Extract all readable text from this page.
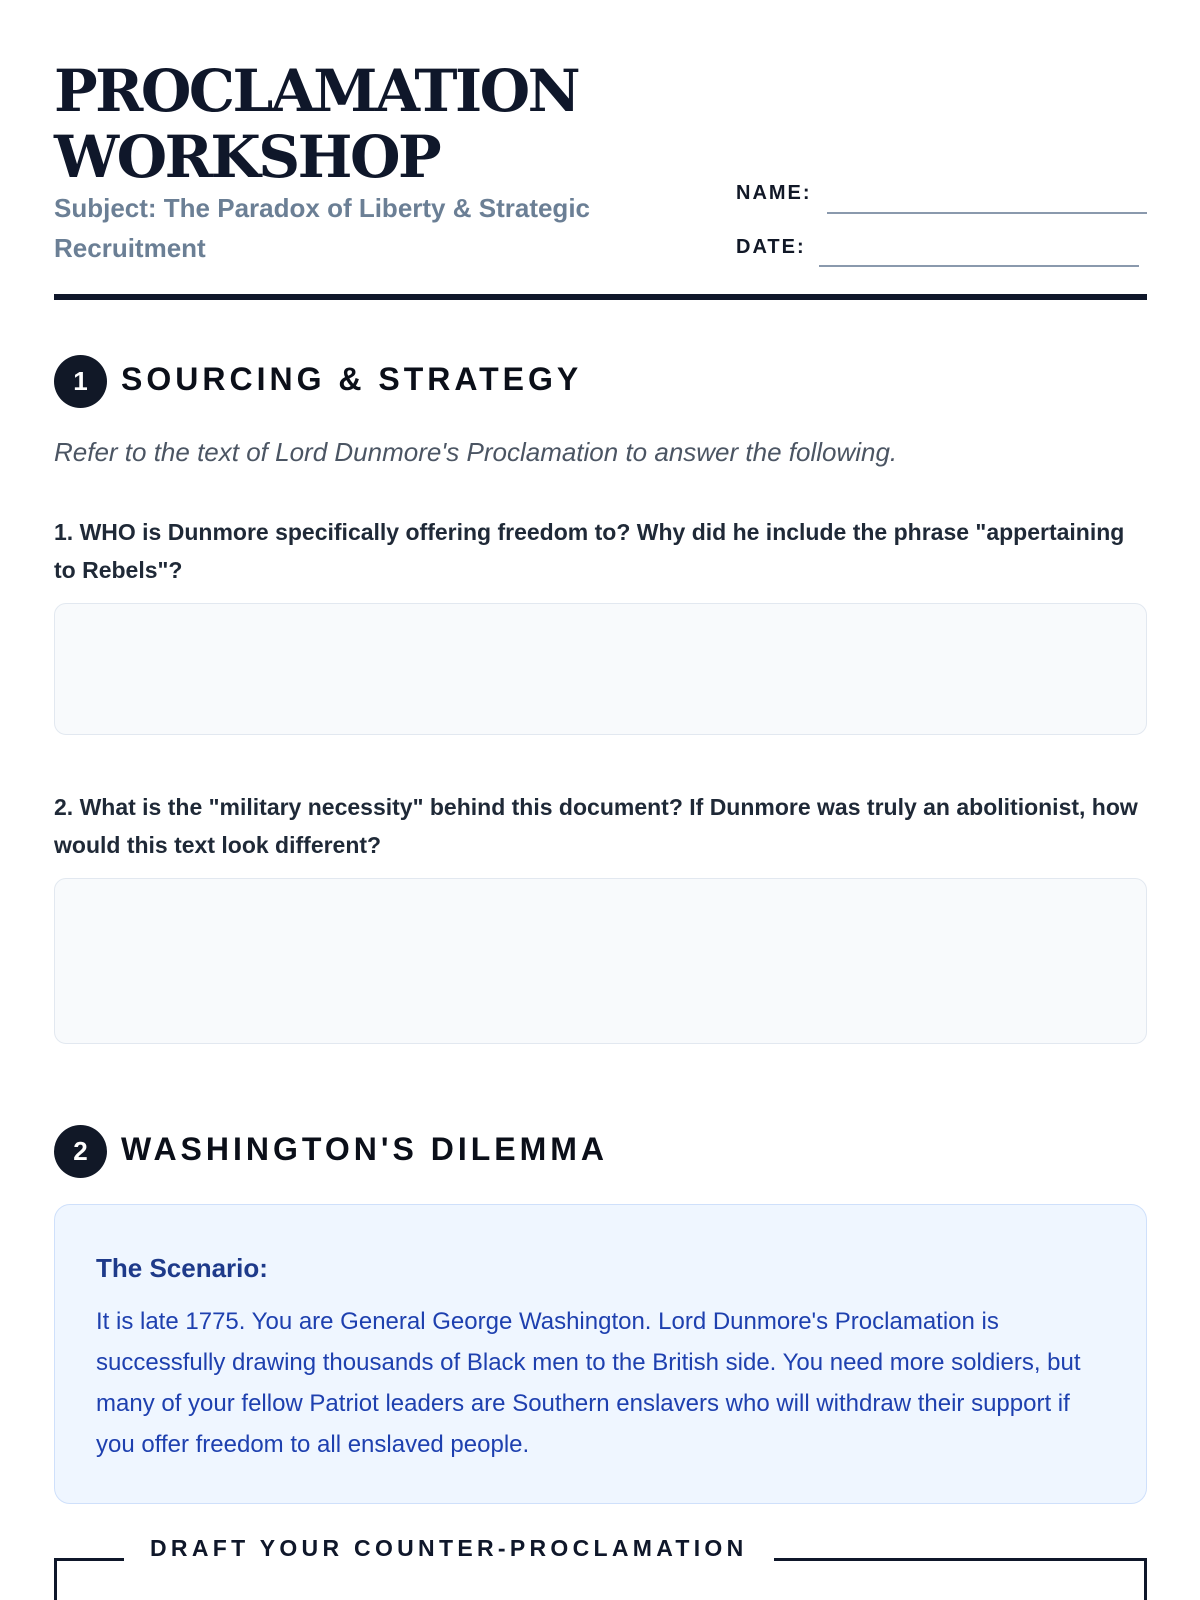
PROCLAMATION
WORKSHOP
Subject: The Paradox of Liberty & Strategic Recruitment
NAME:
DATE:
1	SOURCING & STRATEGY
Refer to the text of Lord Dunmore's Proclamation to answer the following.
1. WHO is Dunmore specifically offering freedom to? Why did he include the phrase "appertaining to Rebels"?
2. What is the "military necessity" behind this document? If Dunmore was truly an abolitionist, how would this text look different?
2	WASHINGTON'S DILEMMA
The Scenario:
It is late 1775. You are General George Washington. Lord Dunmore's Proclamation is successfully drawing thousands of Black men to the British side. You need more soldiers, but many of your fellow Patriot leaders are Southern enslavers who will withdraw their support if you offer freedom to all enslaved people.
DRAFT YOUR COUNTER-PROCLAMATION
